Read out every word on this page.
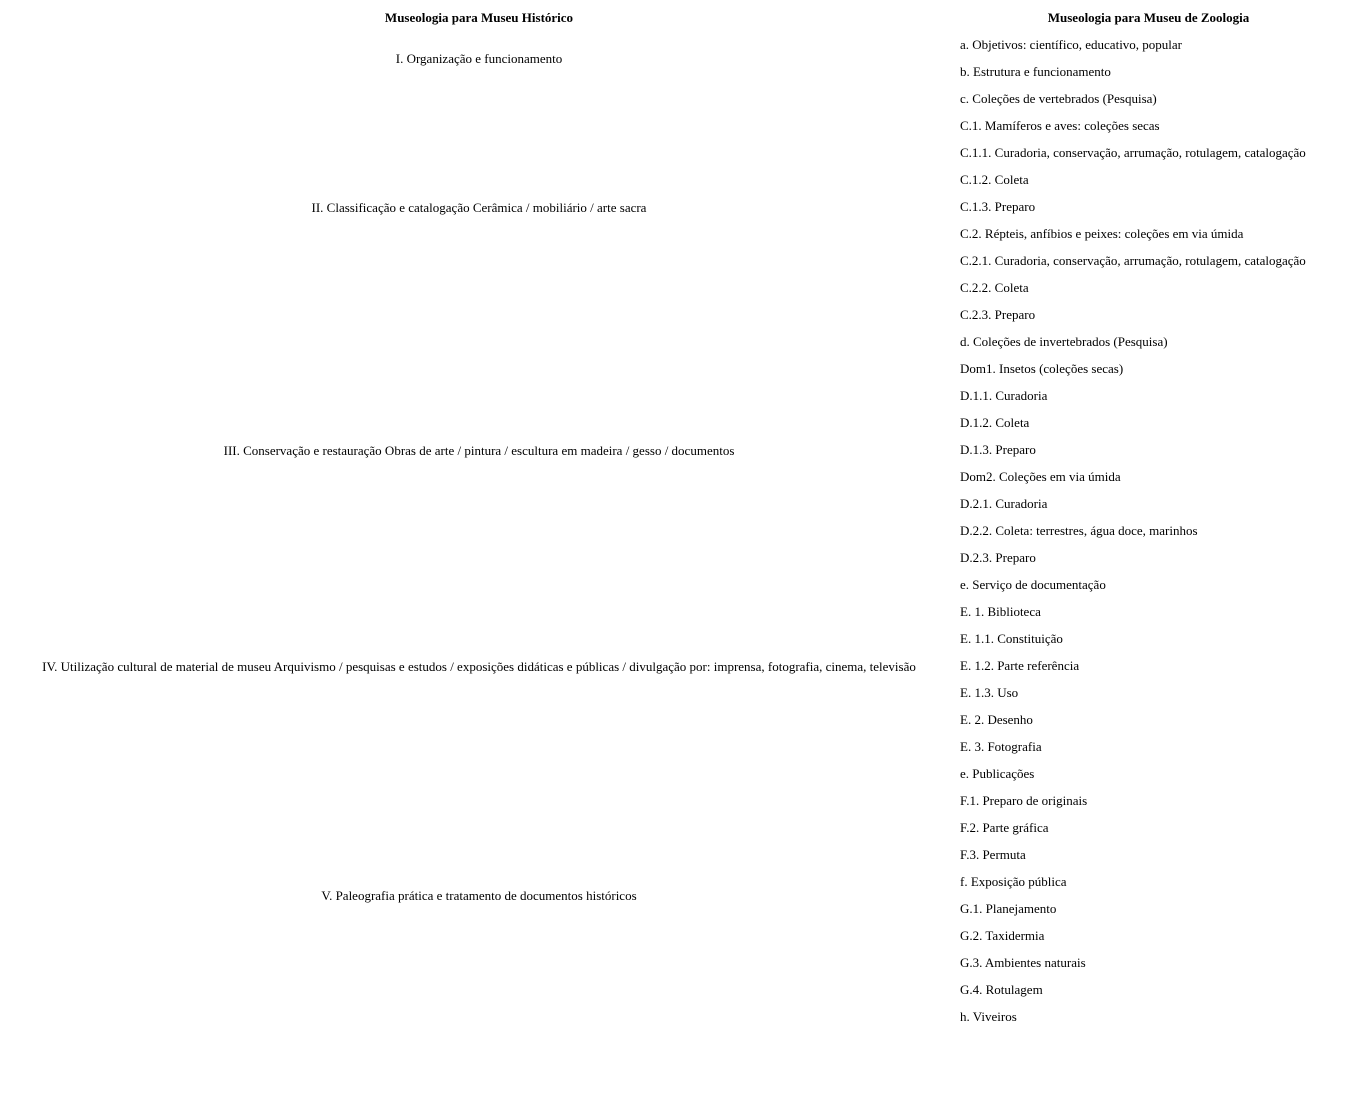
Museologia para Museu Histórico	Museologia para Museu de Zoologia
I. Organização e funcionamento
II. Classificação e catalogação Cerâmica / mobiliário / arte sacra
III. Conservação e restauração Obras de arte / pintura / escultura em madeira / gesso / documentos
IV. Utilização cultural de material de museu Arquivismo / pesquisas e estudos / exposições didáticas e públicas / divulgação por: imprensa, fotografia, cinema, televisão
V. Paleografia prática e tratamento de documentos históricos
a. Objetivos: científico, educativo, popular
b. Estrutura e funcionamento
c. Coleções de vertebrados (Pesquisa)
C.1. Mamíferos e aves: coleções secas
C.1.1. Curadoria, conservação, arrumação, rotulagem, catalogação
C.1.2. Coleta
C.1.3. Preparo
C.2. Répteis, anfíbios e peixes: coleções em via úmida
C.2.1. Curadoria, conservação, arrumação, rotulagem, catalogação
C.2.2. Coleta
C.2.3. Preparo
d. Coleções de invertebrados (Pesquisa)
Dom1. Insetos (coleções secas)
D.1.1. Curadoria
D.1.2. Coleta
D.1.3. Preparo
Dom2. Coleções em via úmida
D.2.1. Curadoria
D.2.2. Coleta: terrestres, água doce, marinhos
D.2.3. Preparo
e. Serviço de documentação
E. 1. Biblioteca
E. 1.1. Constituição
E. 1.2. Parte referência
E. 1.3. Uso
E. 2. Desenho
E. 3. Fotografia
e. Publicações
F.1. Preparo de originais
F.2. Parte gráfica
F.3. Permuta
f. Exposição pública
G.1. Planejamento
G.2. Taxidermia
G.3. Ambientes naturais
G.4. Rotulagem
h. Viveiros
